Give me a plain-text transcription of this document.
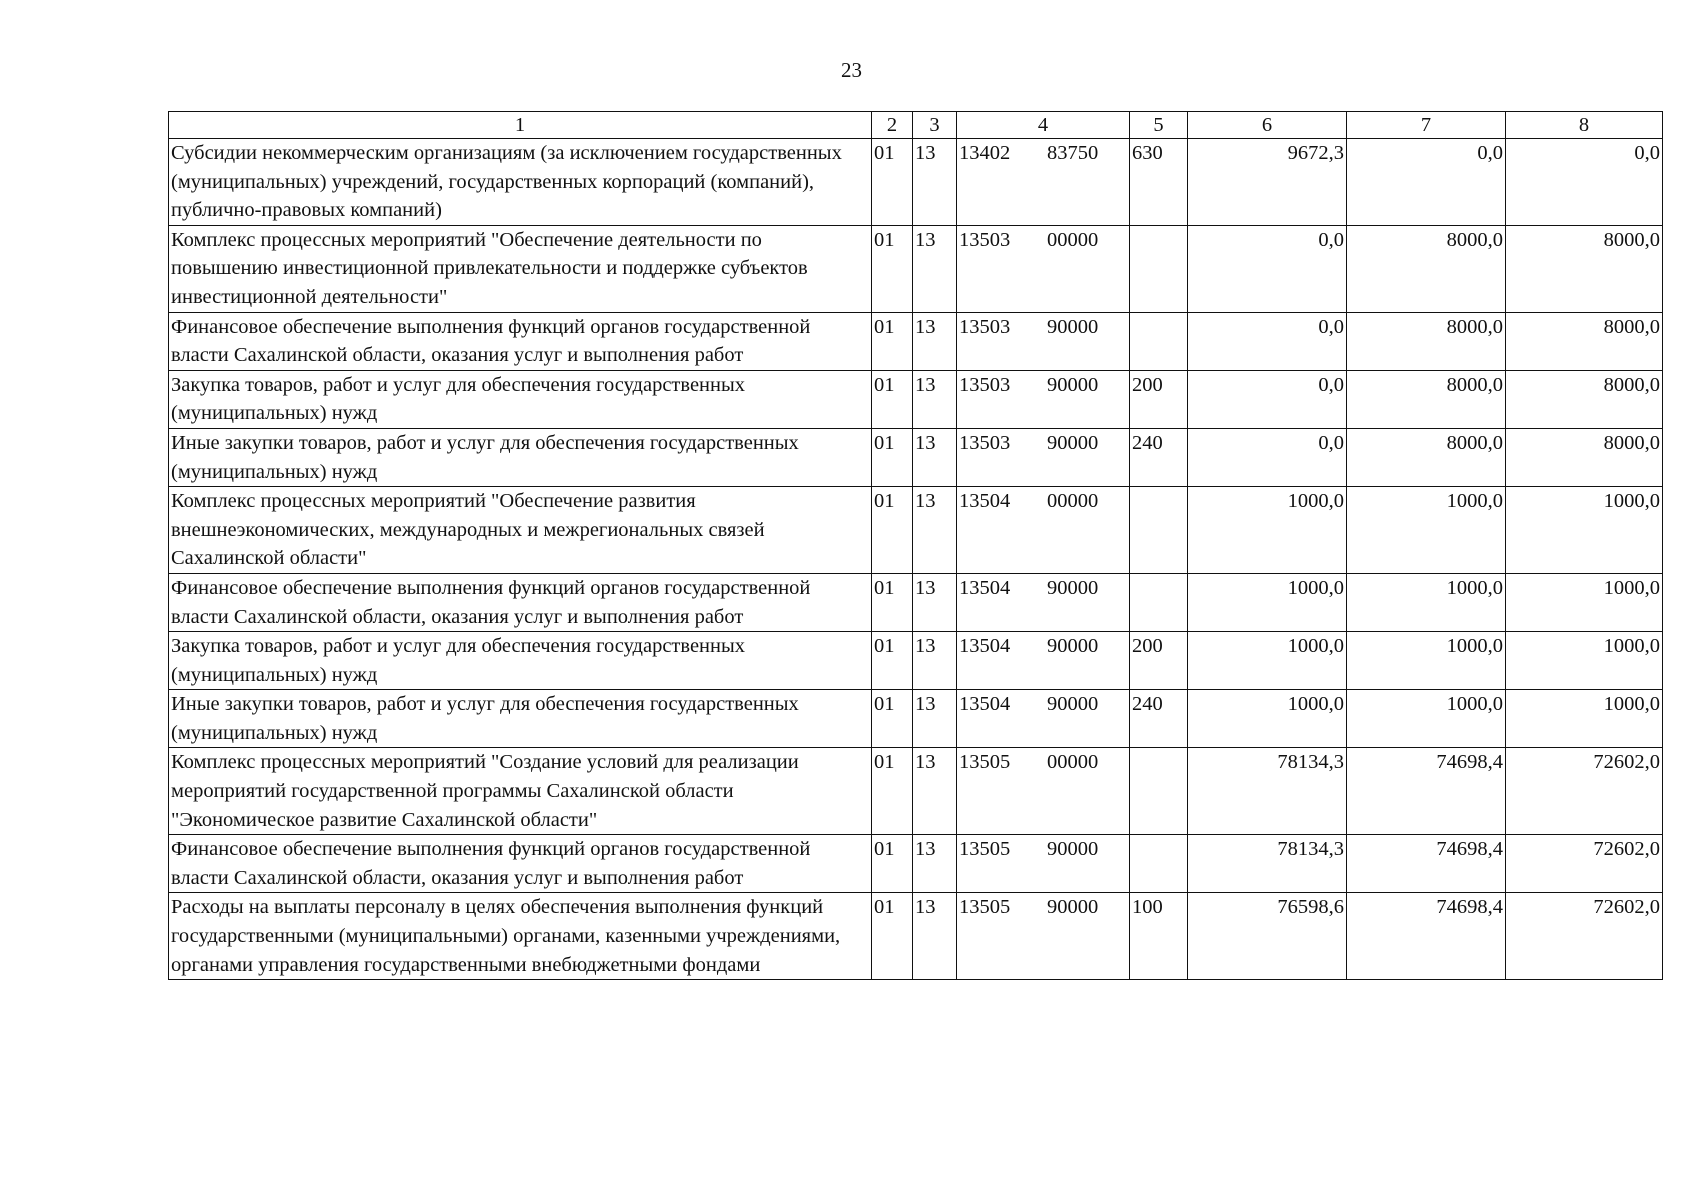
23
1	2	3	4	5	6	7	8
Субсидии некоммерческим организациям (за исключением государственных (муниципальных) учреждений, государственных корпораций (компаний), публично-правовых компаний)	01	13	13402 83750	630	9672,3	0,0	0,0
Комплекс процессных мероприятий "Обеспечение деятельности по повышению инвестиционной привлекательности и поддержке субъектов инвестиционной деятельности"	01	13	13503 00000		0,0	8000,0	8000,0
Финансовое обеспечение выполнения функций органов государственной власти Сахалинской области, оказания услуг и выполнения работ	01	13	13503 90000		0,0	8000,0	8000,0
Закупка товаров, работ и услуг для обеспечения государственных (муниципальных) нужд	01	13	13503 90000	200	0,0	8000,0	8000,0
Иные закупки товаров, работ и услуг для обеспечения государственных (муниципальных) нужд	01	13	13503 90000	240	0,0	8000,0	8000,0
Комплекс процессных мероприятий "Обеспечение развития внешнеэкономических, международных и межрегиональных связей Сахалинской области"	01	13	13504 00000		1000,0	1000,0	1000,0
Финансовое обеспечение выполнения функций органов государственной власти Сахалинской области, оказания услуг и выполнения работ	01	13	13504 90000		1000,0	1000,0	1000,0
Закупка товаров, работ и услуг для обеспечения государственных (муниципальных) нужд	01	13	13504 90000	200	1000,0	1000,0	1000,0
Иные закупки товаров, работ и услуг для обеспечения государственных (муниципальных) нужд	01	13	13504 90000	240	1000,0	1000,0	1000,0
Комплекс процессных мероприятий "Создание условий для реализации мероприятий государственной программы Сахалинской области "Экономическое развитие Сахалинской области"	01	13	13505 00000		78134,3	74698,4	72602,0
Финансовое обеспечение выполнения функций органов государственной власти Сахалинской области, оказания услуг и выполнения работ	01	13	13505 90000		78134,3	74698,4	72602,0
Расходы на выплаты персоналу в целях обеспечения выполнения функций государственными (муниципальными) органами, казенными учреждениями, органами управления государственными внебюджетными фондами	01	13	13505 90000	100	76598,6	74698,4	72602,0
